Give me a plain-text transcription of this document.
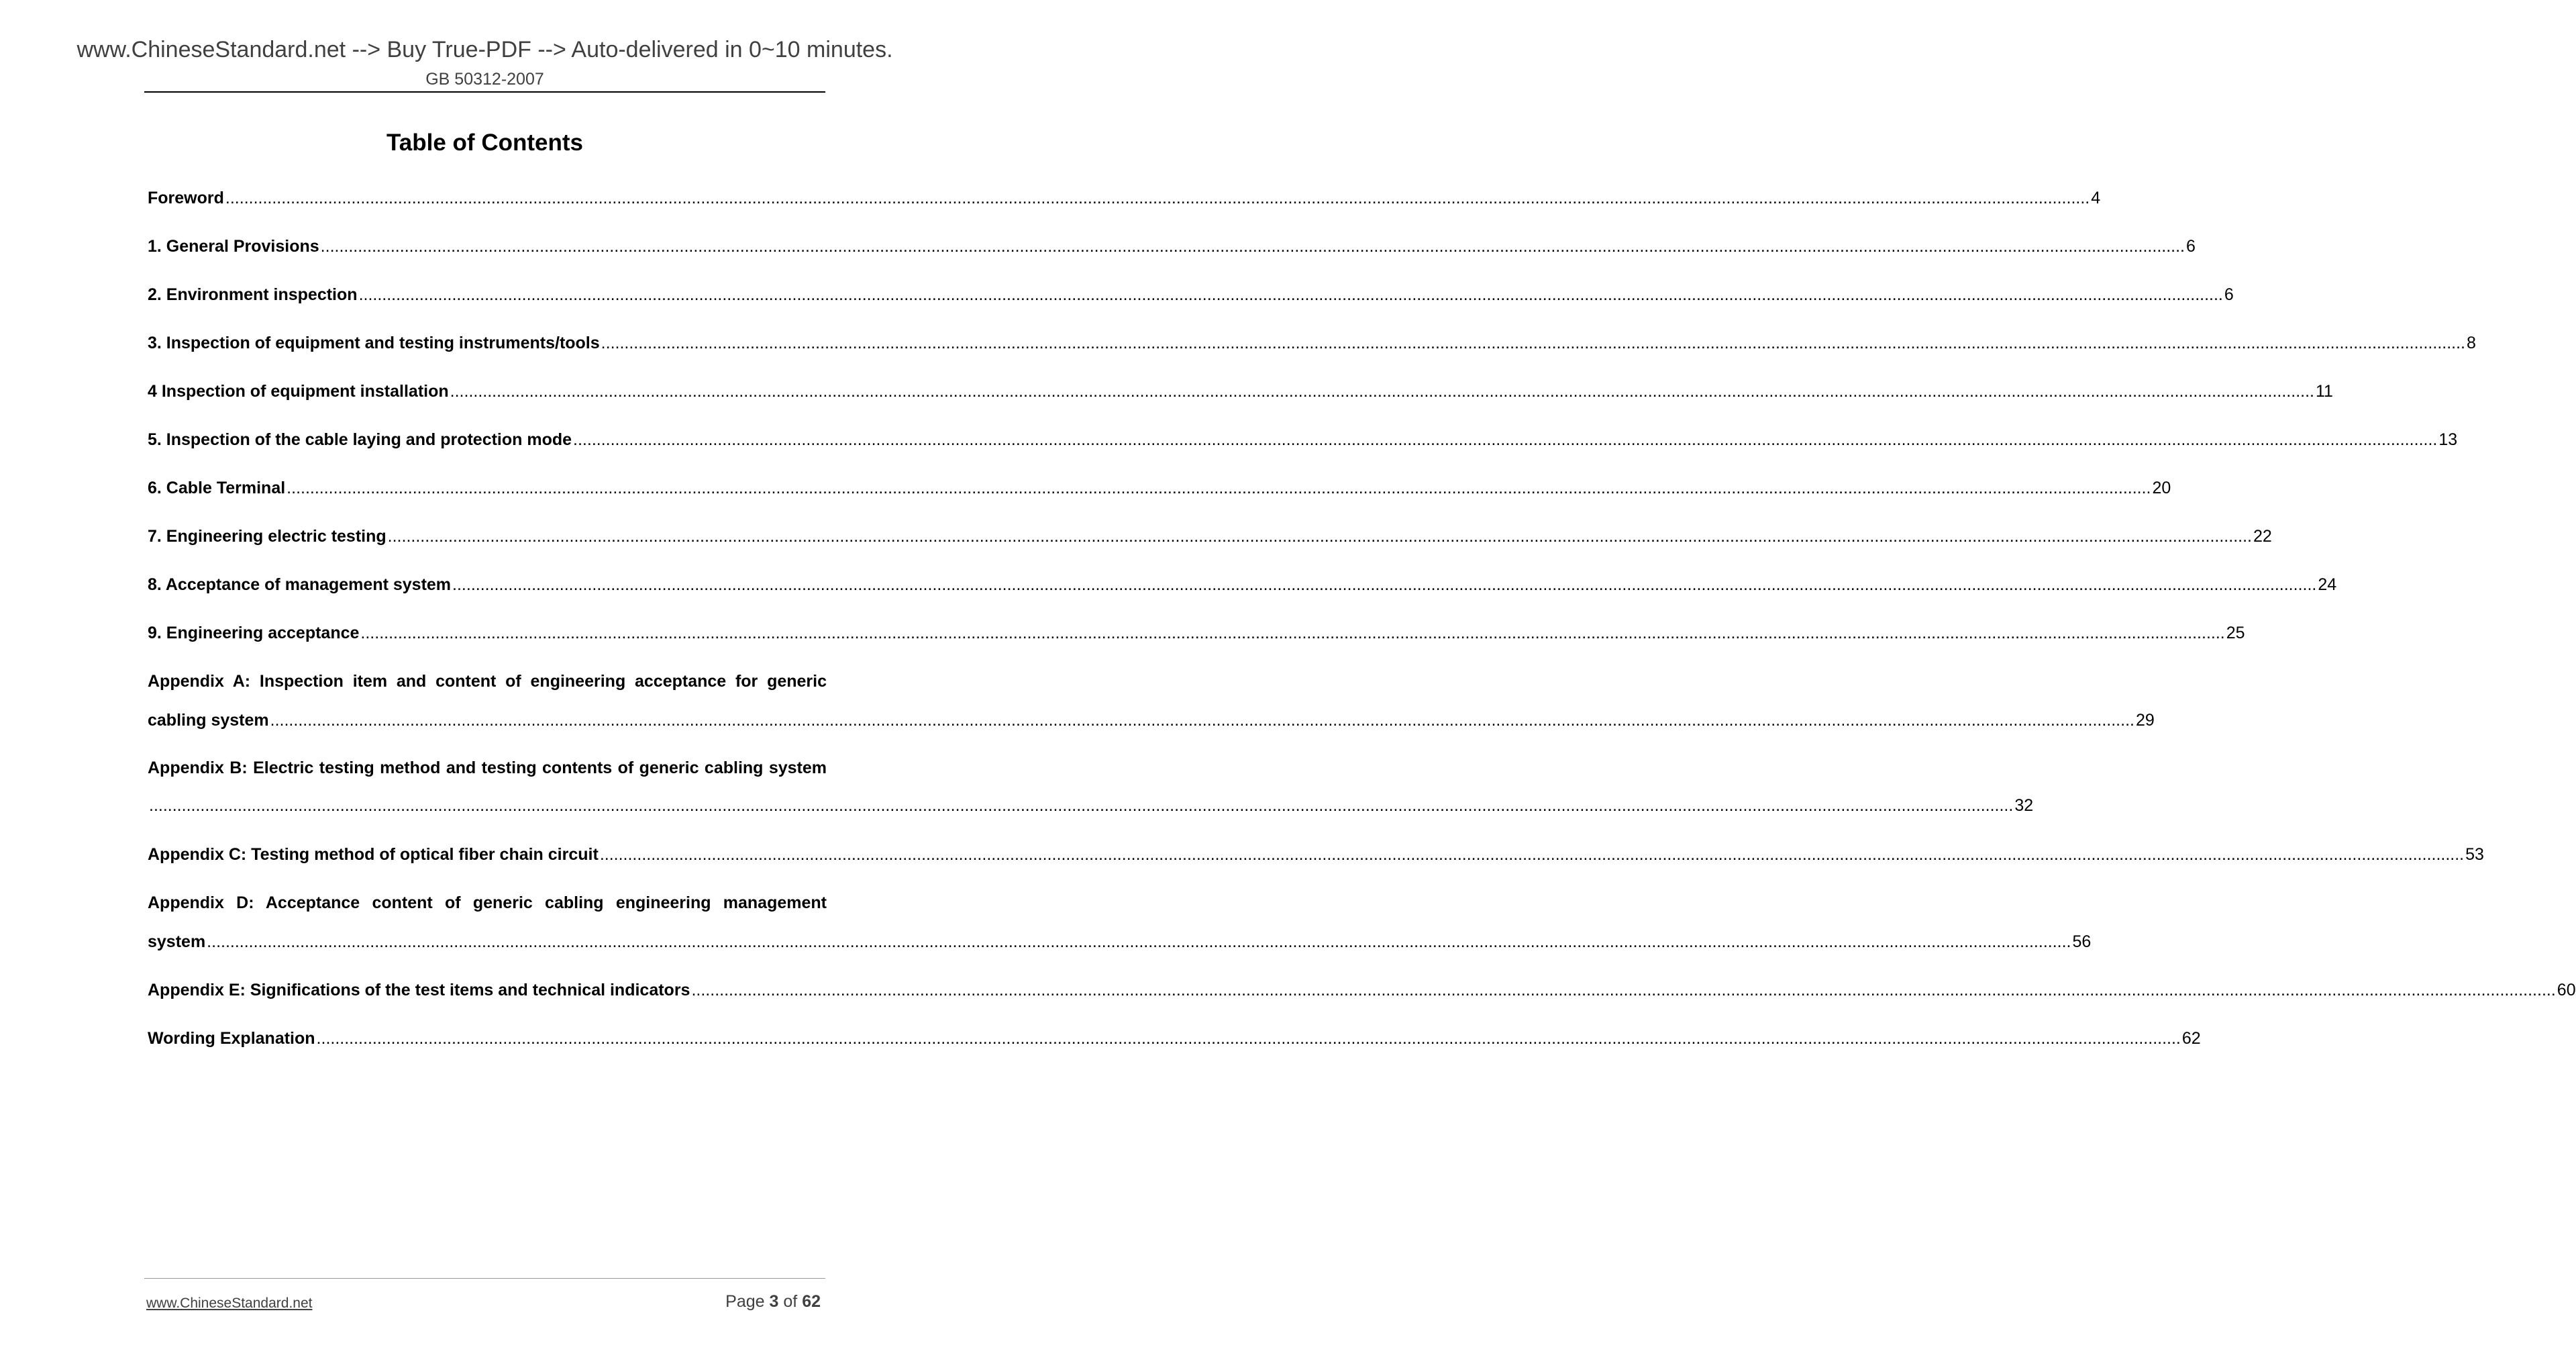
www.ChineseStandard.net --> Buy True-PDF --> Auto-delivered in 0~10 minutes.
GB 50312-2007
Table of Contents
Foreword ................................................................................................................................................................................................................................................................................................................................................................................................................ 4
1. General Provisions ................................................................................................................................................................................................................................................................................................................................................................................................................ 6
2. Environment inspection ................................................................................................................................................................................................................................................................................................................................................................................................................ 6
3. Inspection of equipment and testing instruments/tools ................................................................................................................................................................................................................................................................................................................................................................................................................ 8
4 Inspection of equipment installation ................................................................................................................................................................................................................................................................................................................................................................................................................ 11
5. Inspection of the cable laying and protection mode ................................................................................................................................................................................................................................................................................................................................................................................................................ 13
6. Cable Terminal ................................................................................................................................................................................................................................................................................................................................................................................................................ 20
7. Engineering electric testing ................................................................................................................................................................................................................................................................................................................................................................................................................ 22
8. Acceptance of management system ................................................................................................................................................................................................................................................................................................................................................................................................................ 24
9. Engineering acceptance ................................................................................................................................................................................................................................................................................................................................................................................................................ 25
Appendix A: Inspection item and content of engineering acceptance for generic
cabling system ................................................................................................................................................................................................................................................................................................................................................................................................................ 29
Appendix B: Electric testing method and testing contents of generic cabling system
................................................................................................................................................................................................................................................................................................................................................................................................................ 32
Appendix C: Testing method of optical fiber chain circuit ................................................................................................................................................................................................................................................................................................................................................................................................................ 53
Appendix D: Acceptance content of generic cabling engineering management
system ................................................................................................................................................................................................................................................................................................................................................................................................................ 56
Appendix E: Significations of the test items and technical indicators ................................................................................................................................................................................................................................................................................................................................................................................................................ 60
Wording Explanation ................................................................................................................................................................................................................................................................................................................................................................................................................ 62
www.ChineseStandard.net	Page 3 of 62
